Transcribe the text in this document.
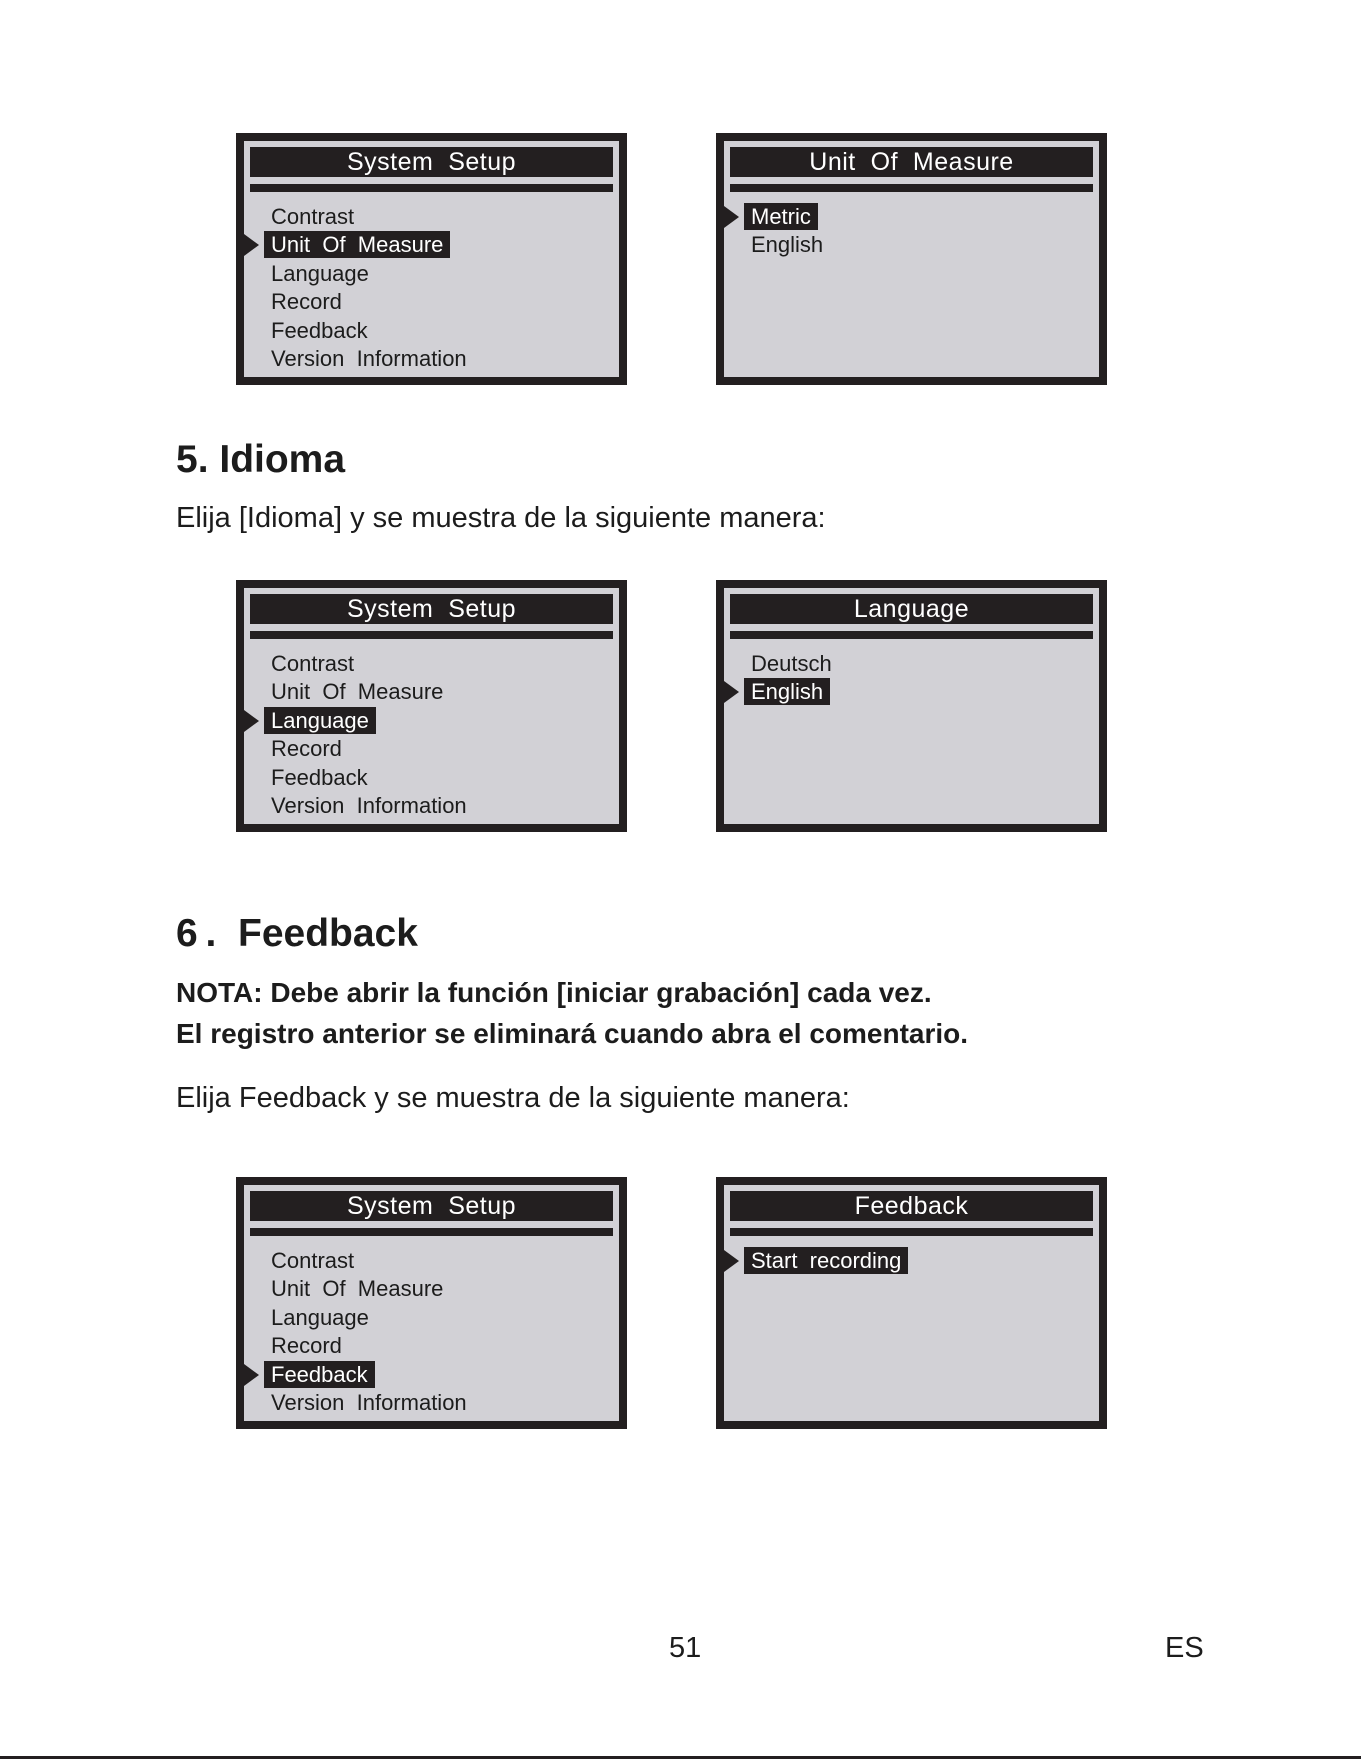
System  Setup
Contrast
Unit  Of  Measure
Language
Record
Feedback
Version  Information
Unit  Of  Measure
Metric
English
5. Idioma

Elija [Idioma] y se muestra de la siguiente manera:

System  Setup
Contrast
Unit  Of  Measure
Language
Record
Feedback
Version  Information
Language
Deutsch
English
6 .  Feedback

NOTA: Debe abrir la función [iniciar grabación] cada vez.

El registro anterior se eliminará cuando abra el comentario.

Elija Feedback y se muestra de la siguiente manera:

System  Setup
Contrast
Unit  Of  Measure
Language
Record
Feedback
Version  Information
Feedback
Start  recording
51	ES
